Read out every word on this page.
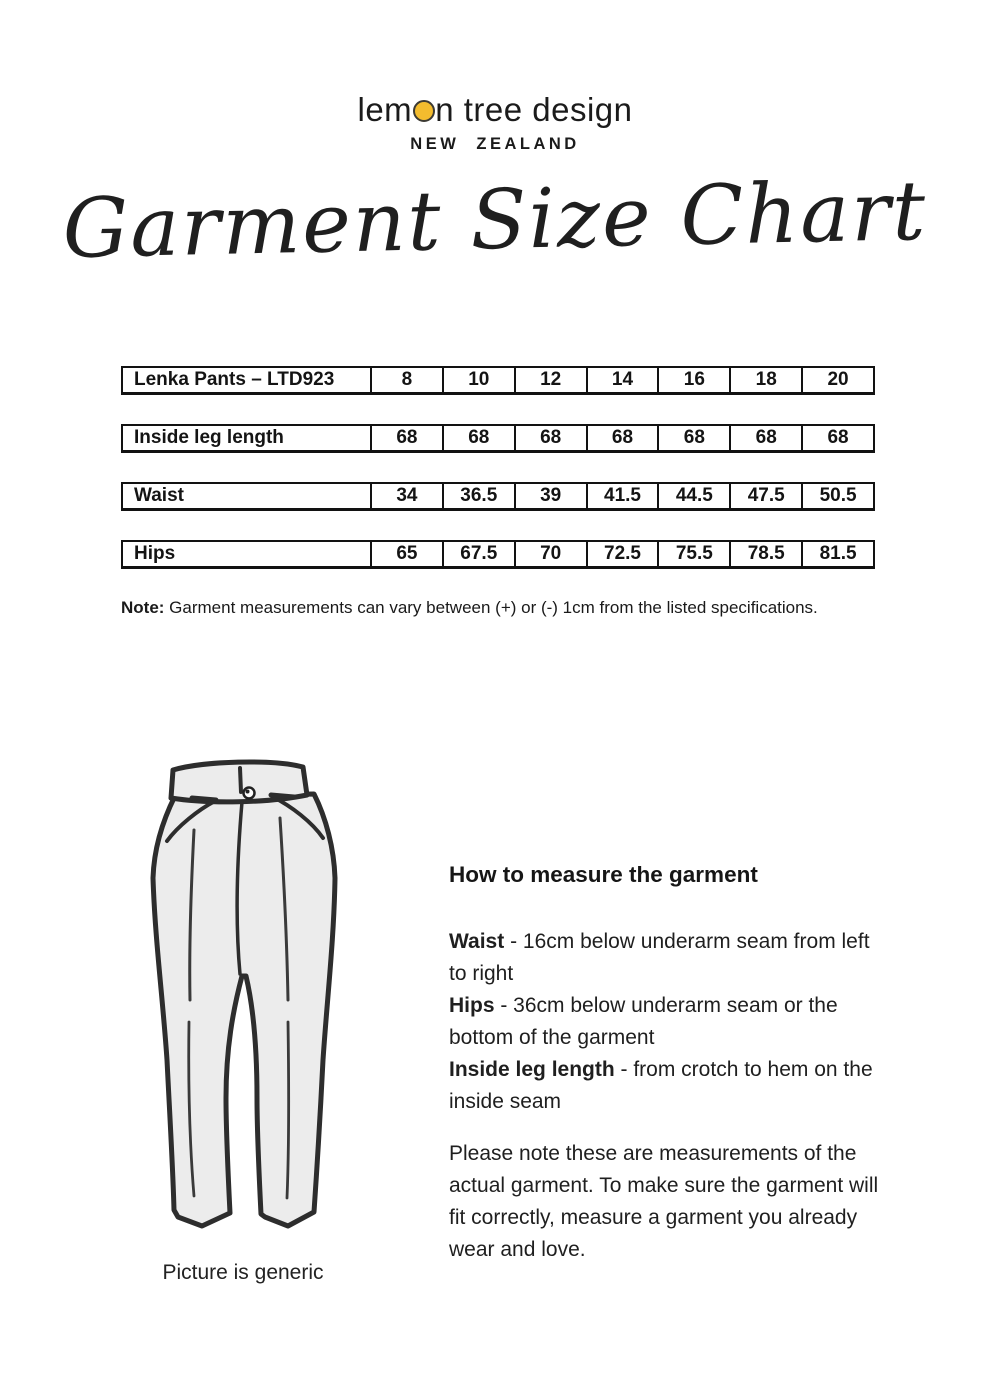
lem n tree design
NEW ZEALAND
Garment Size Chart
Lenka Pants – LTD923	8	10	12	14	16	18	20
Inside leg length	68	68	68	68	68	68	68
Waist	34	36.5	39	41.5	44.5	47.5	50.5
Hips	65	67.5	70	72.5	75.5	78.5	81.5

Note: Garment measurements can vary between (+) or (-) 1cm from the listed specifications.

Picture is generic
How to measure the garment

Waist - 16cm below underarm seam from left to right

Hips - 36cm below underarm seam or the bottom of the garment

Inside leg length - from crotch to hem on the inside seam

Please note these are measurements of the actual garment. To make sure the garment will fit correctly, measure a garment you already wear and love.
